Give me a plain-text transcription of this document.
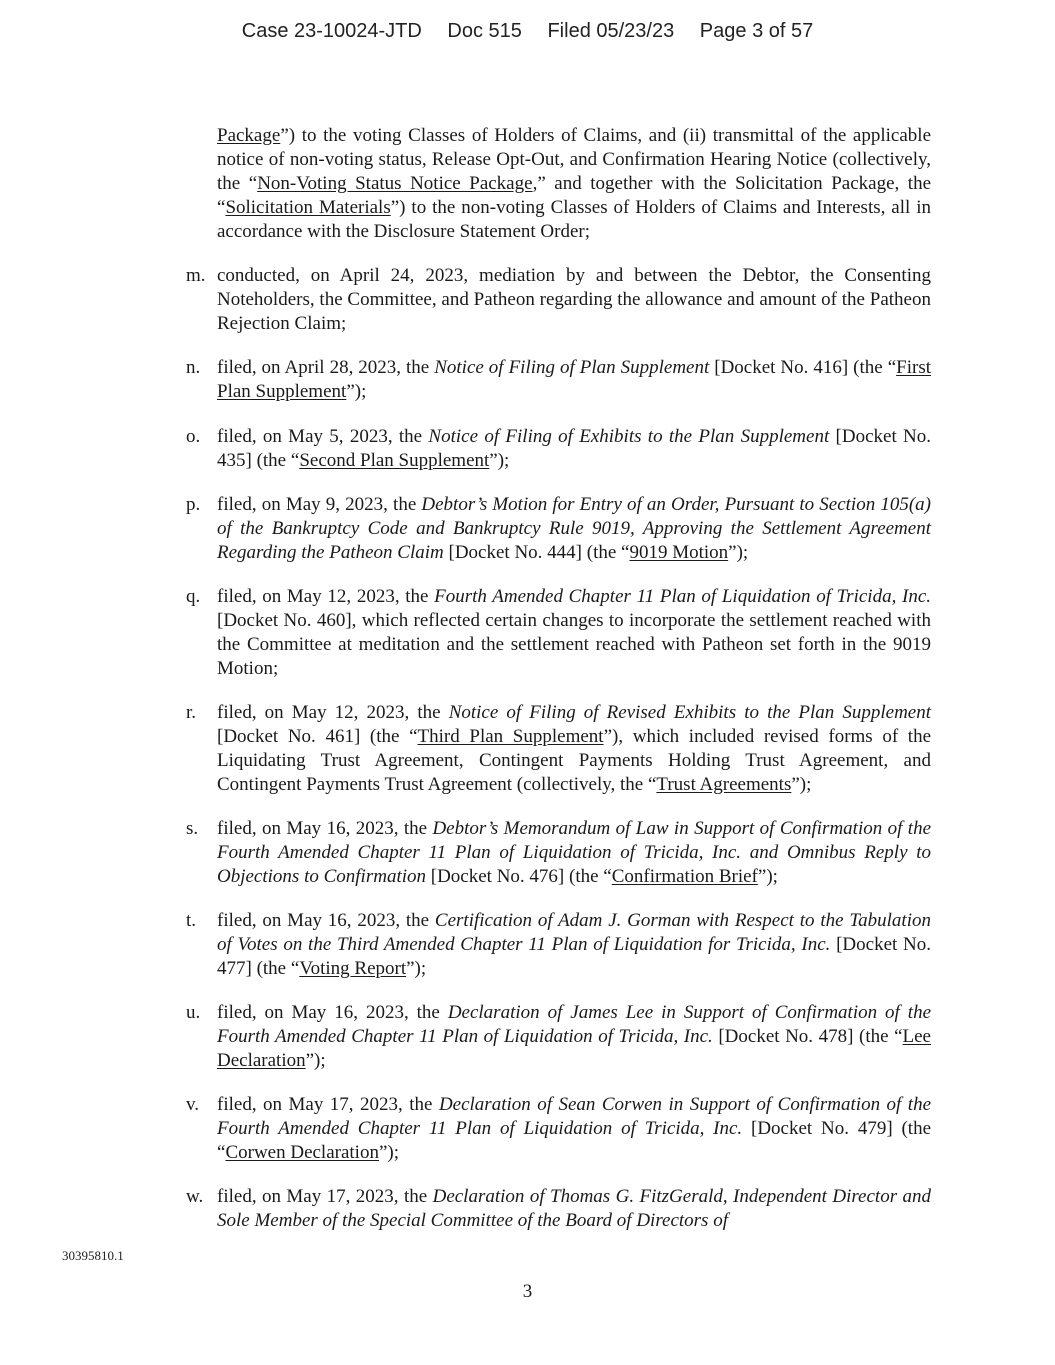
Case 23-10024-JTD Doc 515 Filed 05/23/23 Page 3 of 57
Package”) to the voting Classes of Holders of Claims, and (ii) transmittal of the applicable notice of non-voting status, Release Opt-Out, and Confirmation Hearing Notice (collectively, the “Non-Voting Status Notice Package,” and together with the Solicitation Package, the “Solicitation Materials”) to the non-voting Classes of Holders of Claims and Interests, all in accordance with the Disclosure Statement Order;
m. conducted, on April 24, 2023, mediation by and between the Debtor, the Consenting Noteholders, the Committee, and Patheon regarding the allowance and amount of the Patheon Rejection Claim;
n. filed, on April 28, 2023, the Notice of Filing of Plan Supplement [Docket No. 416] (the “First Plan Supplement”);
o. filed, on May 5, 2023, the Notice of Filing of Exhibits to the Plan Supplement [Docket No. 435] (the “Second Plan Supplement”);
p. filed, on May 9, 2023, the Debtor’s Motion for Entry of an Order, Pursuant to Section 105(a) of the Bankruptcy Code and Bankruptcy Rule 9019, Approving the Settlement Agreement Regarding the Patheon Claim [Docket No. 444] (the “9019 Motion”);
q. filed, on May 12, 2023, the Fourth Amended Chapter 11 Plan of Liquidation of Tricida, Inc. [Docket No. 460], which reflected certain changes to incorporate the settlement reached with the Committee at meditation and the settlement reached with Patheon set forth in the 9019 Motion;
r.	filed, on May 12, 2023, the Notice of Filing of Revised Exhibits to the Plan Supplement [Docket No. 461] (the “Third Plan Supplement”), which included revised forms of the Liquidating Trust Agreement, Contingent Payments Holding Trust Agreement, and Contingent Payments Trust Agreement (collectively, the “Trust Agreements”);
s. filed, on May 16, 2023, the Debtor’s Memorandum of Law in Support of Confirmation of the Fourth Amended Chapter 11 Plan of Liquidation of Tricida, Inc. and Omnibus Reply to Objections to Confirmation [Docket No. 476] (the “Confirmation Brief”);
t.	filed, on May 16, 2023, the Certification of Adam J. Gorman with Respect to the Tabulation of Votes on the Third Amended Chapter 11 Plan of Liquidation for Tricida, Inc. [Docket No. 477] (the “Voting Report”);
u. filed, on May 16, 2023, the Declaration of James Lee in Support of Confirmation of the Fourth Amended Chapter 11 Plan of Liquidation of Tricida, Inc. [Docket No. 478] (the “Lee Declaration”);
v. filed, on May 17, 2023, the Declaration of Sean Corwen in Support of Confirmation of the Fourth Amended Chapter 11 Plan of Liquidation of Tricida, Inc. [Docket No. 479] (the “Corwen Declaration”);
w. filed, on May 17, 2023, the Declaration of Thomas G. FitzGerald, Independent Director and Sole Member of the Special Committee of the Board of Directors of
30395810.1
3
